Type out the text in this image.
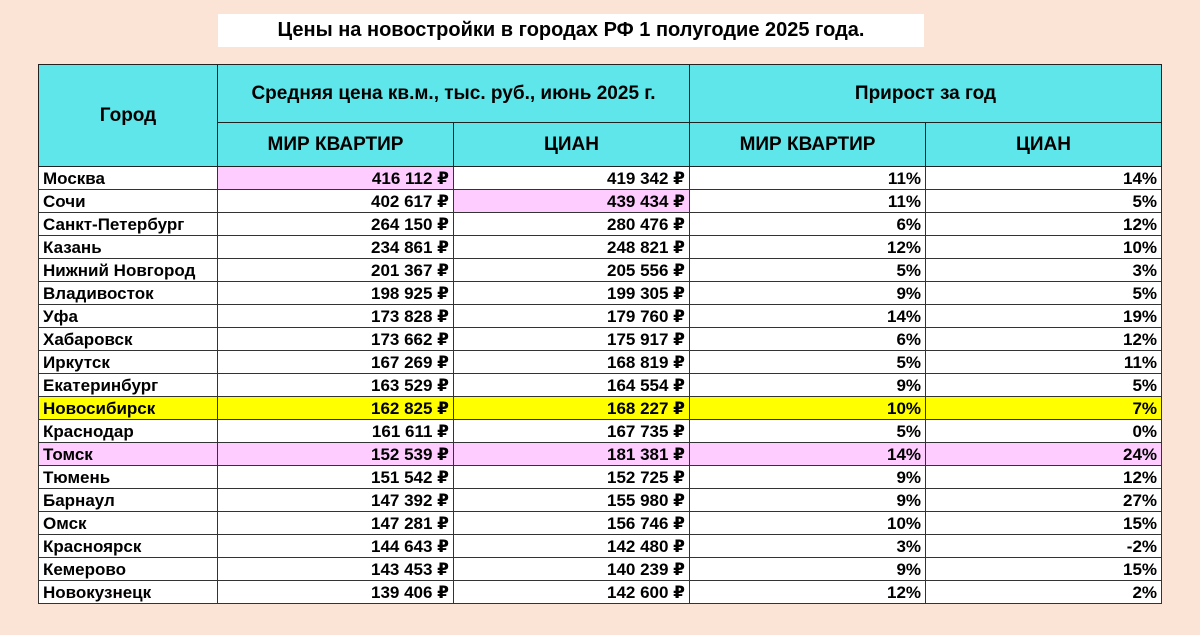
Цены на новостройки в городах РФ 1 полугодие 2025 года.
Город	Средняя цена кв.м., тыс. руб., июнь 2025 г.		Прирост за год	
	МИР КВАРТИР	ЦИАН	МИР КВАРТИР	ЦИАН
Москва	416 112 ₽	419 342 ₽	11%	14%
Сочи	402 617 ₽	439 434 ₽	11%	5%
Санкт-Петербург	264 150 ₽	280 476 ₽	6%	12%
Казань	234 861 ₽	248 821 ₽	12%	10%
Нижний Новгород	201 367 ₽	205 556 ₽	5%	3%
Владивосток	198 925 ₽	199 305 ₽	9%	5%
Уфа	173 828 ₽	179 760 ₽	14%	19%
Хабаровск	173 662 ₽	175 917 ₽	6%	12%
Иркутск	167 269 ₽	168 819 ₽	5%	11%
Екатеринбург	163 529 ₽	164 554 ₽	9%	5%
Новосибирск	162 825 ₽	168 227 ₽	10%	7%
Краснодар	161 611 ₽	167 735 ₽	5%	0%
Томск	152 539 ₽	181 381 ₽	14%	24%
Тюмень	151 542 ₽	152 725 ₽	9%	12%
Барнаул	147 392 ₽	155 980 ₽	9%	27%
Омск	147 281 ₽	156 746 ₽	10%	15%
Красноярск	144 643 ₽	142 480 ₽	3%	-2%
Кемерово	143 453 ₽	140 239 ₽	9%	15%
Новокузнецк	139 406 ₽	142 600 ₽	12%	2%
